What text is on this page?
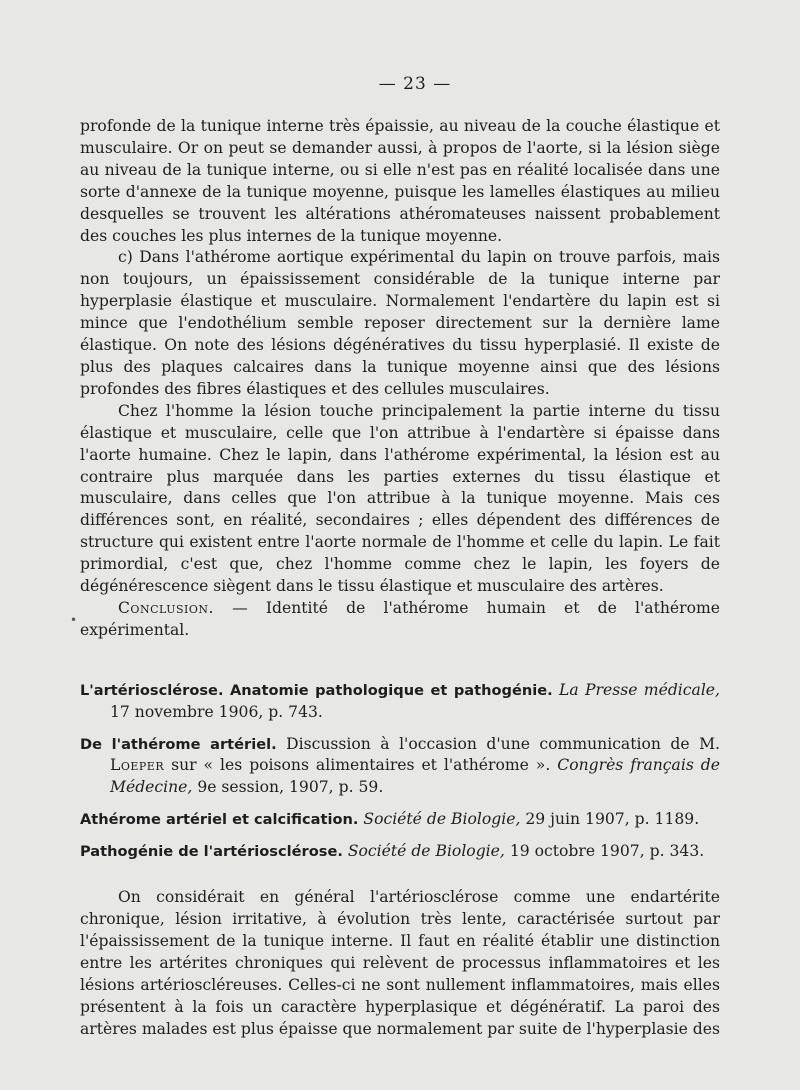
— 23 —

profonde de la tunique interne très épaissie, au niveau de la couche élastique et musculaire. Or on peut se demander aussi, à propos de l'aorte, si la lésion siège au niveau de la tunique interne, ou si elle n'est pas en réalité localisée dans une sorte d'annexe de la tunique moyenne, puisque les lamelles élastiques au milieu desquelles se trouvent les altérations athéromateuses naissent probablement des couches les plus internes de la tunique moyenne.

c) Dans l'athérome aortique expérimental du lapin on trouve parfois, mais non toujours, un épaississement considérable de la tunique interne par hyperplasie élastique et musculaire. Normalement l'endartère du lapin est si mince que l'endothélium semble reposer directement sur la dernière lame élastique. On note des lésions dégénératives du tissu hyperplasié. Il existe de plus des plaques calcaires dans la tunique moyenne ainsi que des lésions profondes des fibres élastiques et des cellules musculaires.

Chez l'homme la lésion touche principalement la partie interne du tissu élastique et musculaire, celle que l'on attribue à l'endartère si épaisse dans l'aorte humaine. Chez le lapin, dans l'athérome expérimental, la lésion est au contraire plus marquée dans les parties externes du tissu élastique et musculaire, dans celles que l'on attribue à la tunique moyenne. Mais ces différences sont, en réalité, secondaires ; elles dépendent des différences de structure qui existent entre l'aorte normale de l'homme et celle du lapin. Le fait primordial, c'est que, chez l'homme comme chez le lapin, les foyers de dégénérescence siègent dans le tissu élastique et musculaire des artères.

Conclusion. — Identité de l'athérome humain et de l'athérome expérimental.

•
L'artériosclérose. Anatomie pathologique et pathogénie. La Presse médicale, 17 novembre 1906, p. 743.
De l'athérome artériel. Discussion à l'occasion d'une communication de M. Loeper sur « les poisons alimentaires et l'athérome ». Congrès français de Médecine, 9e session, 1907, p. 59.
Athérome artériel et calcification. Société de Biologie, 29 juin 1907, p. 1189.
Pathogénie de l'artériosclérose. Société de Biologie, 19 octobre 1907, p. 343.

On considérait en général l'artériosclérose comme une endartérite chronique, lésion irritative, à évolution très lente, caractérisée surtout par l'épaississement de la tunique interne. Il faut en réalité établir une distinction entre les artérites chroniques qui relèvent de processus inflammatoires et les lésions artérioscléreuses. Celles-ci ne sont nullement inflammatoires, mais elles présentent à la fois un caractère hyperplasique et dégénératif. La paroi des artères malades est plus épaisse que normalement par suite de l'hyperplasie des
